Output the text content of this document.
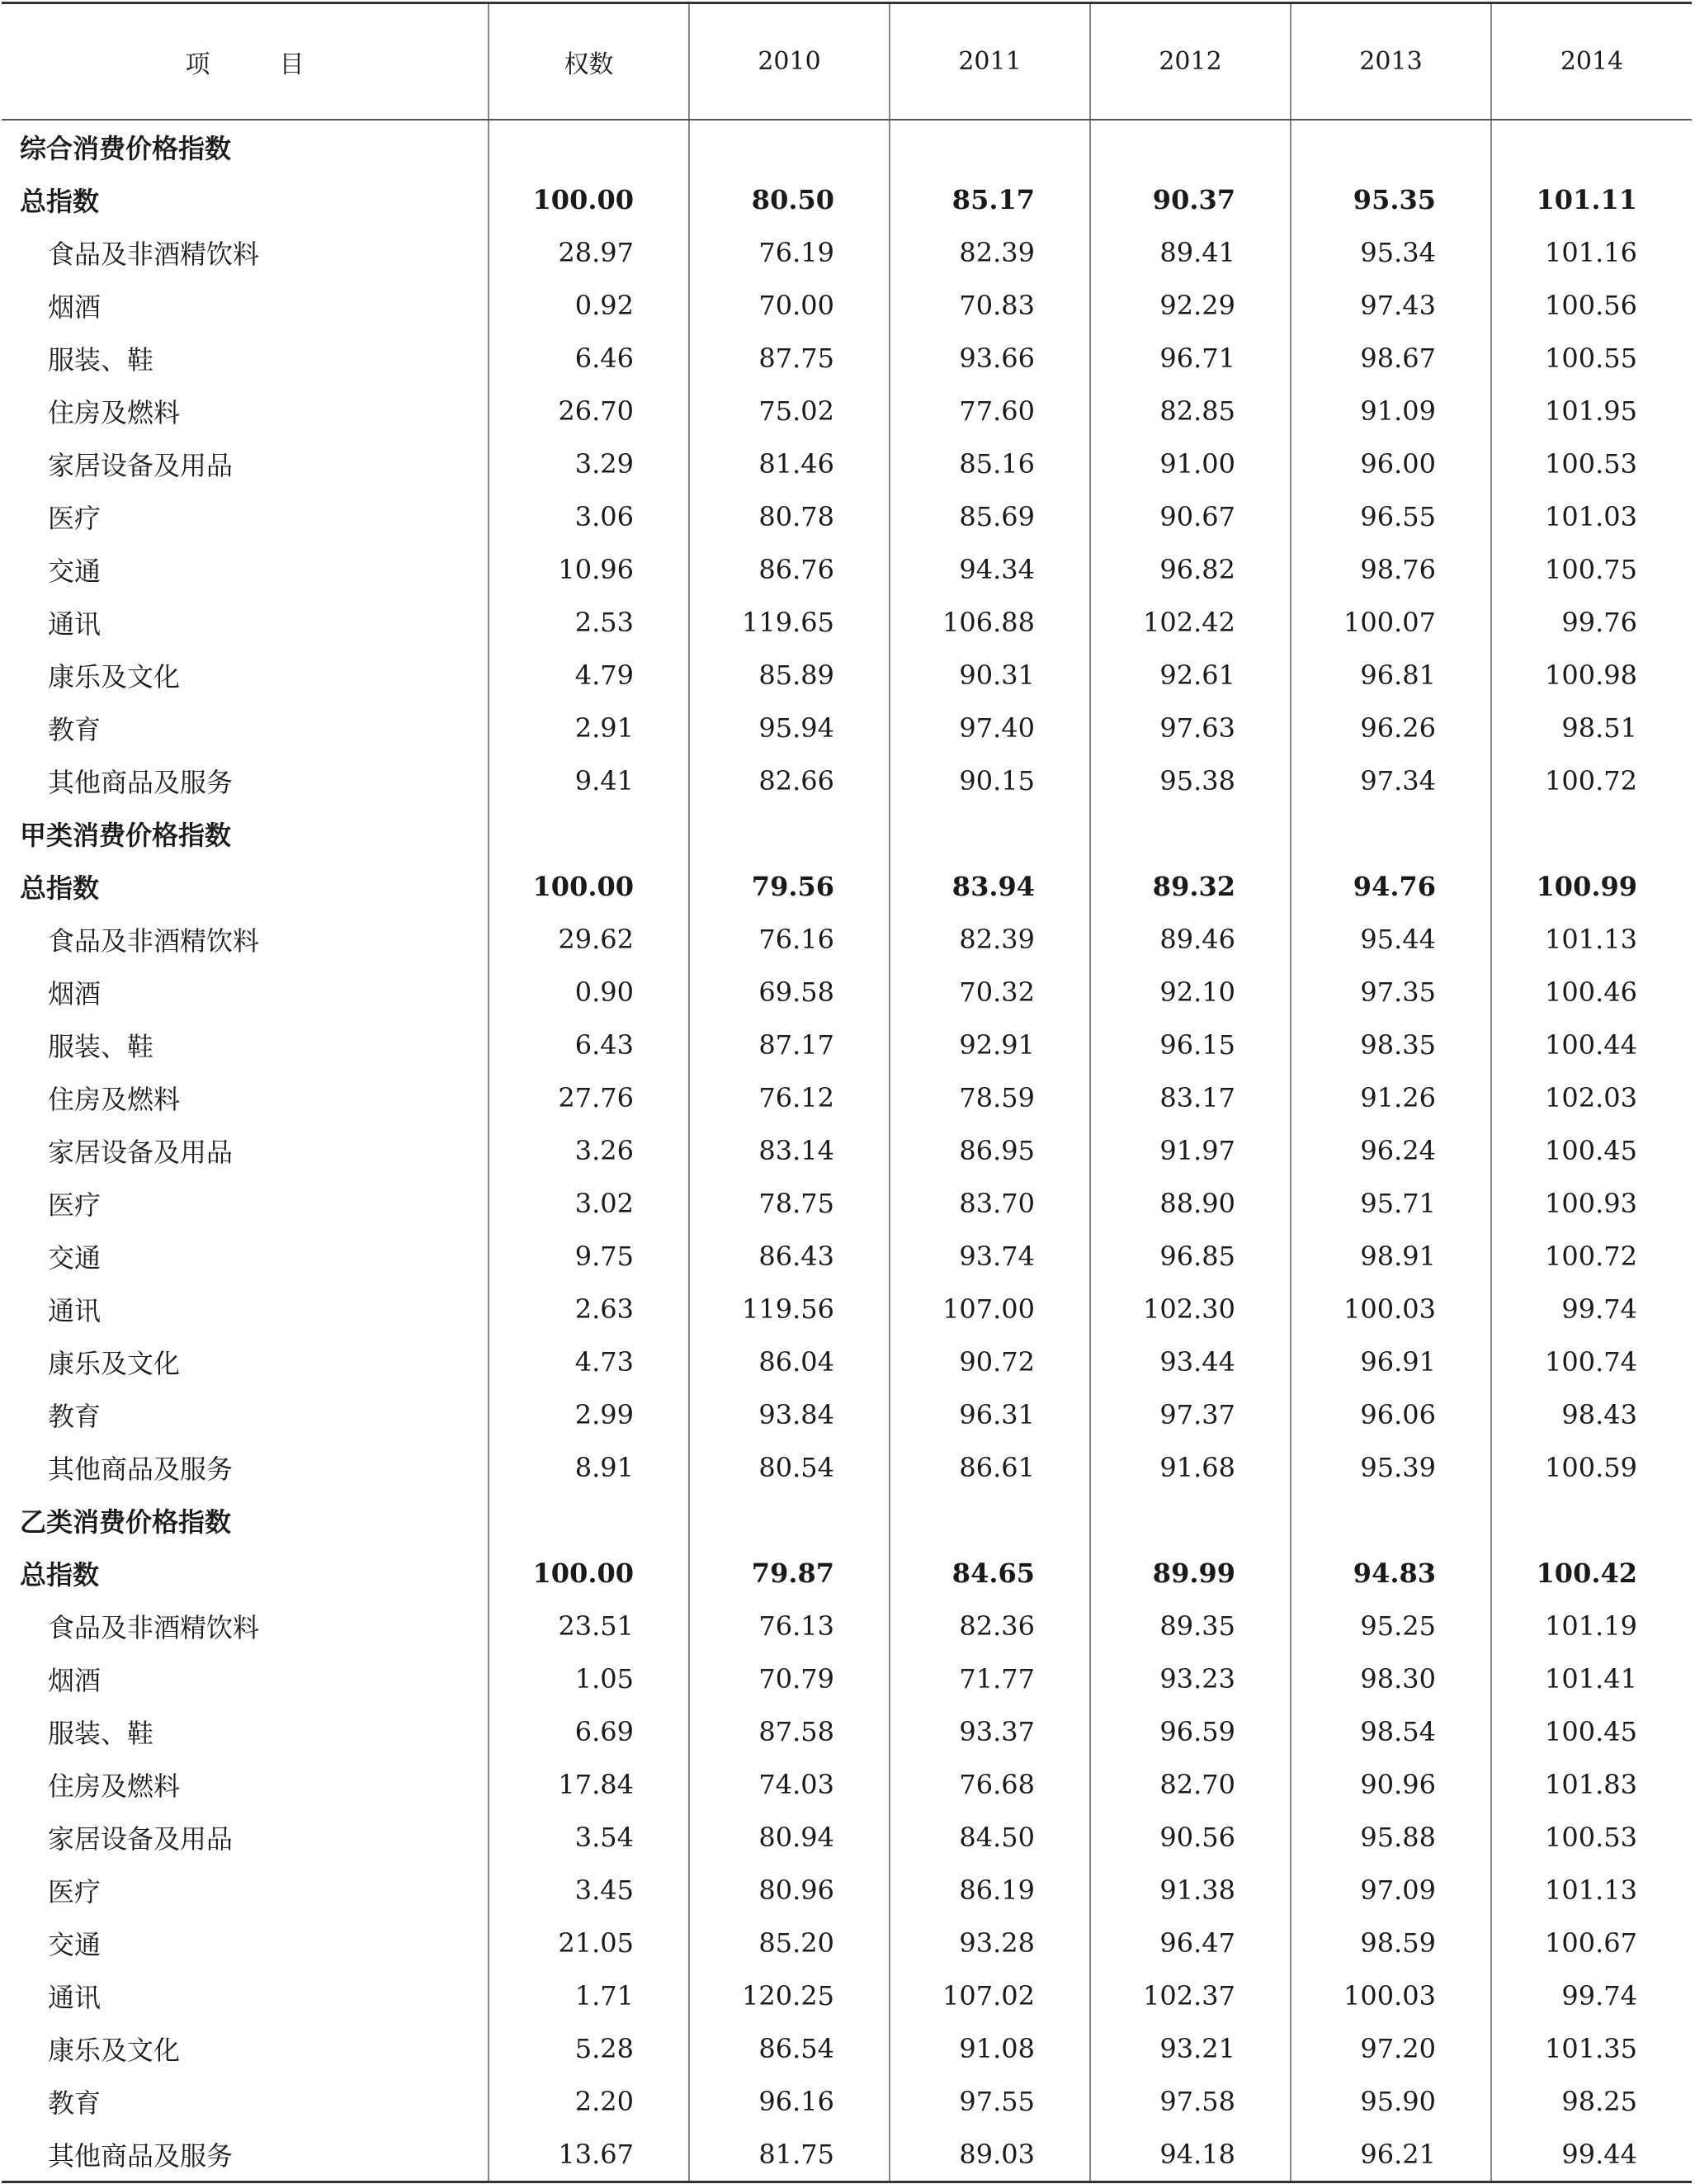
项 目	权数	2010	2011	2012	2013	2014
综合消费价格指数						
总指数	100.00	80.50	85.17	90.37	95.35	101.11
食品及非酒精饮料	28.97	76.19	82.39	89.41	95.34	101.16
烟酒	0.92	70.00	70.83	92.29	97.43	100.56
服装、鞋	6.46	87.75	93.66	96.71	98.67	100.55
住房及燃料	26.70	75.02	77.60	82.85	91.09	101.95
家居设备及用品	3.29	81.46	85.16	91.00	96.00	100.53
医疗	3.06	80.78	85.69	90.67	96.55	101.03
交通	10.96	86.76	94.34	96.82	98.76	100.75
通讯	2.53	119.65	106.88	102.42	100.07	99.76
康乐及文化	4.79	85.89	90.31	92.61	96.81	100.98
教育	2.91	95.94	97.40	97.63	96.26	98.51
其他商品及服务	9.41	82.66	90.15	95.38	97.34	100.72
甲类消费价格指数						
总指数	100.00	79.56	83.94	89.32	94.76	100.99
食品及非酒精饮料	29.62	76.16	82.39	89.46	95.44	101.13
烟酒	0.90	69.58	70.32	92.10	97.35	100.46
服装、鞋	6.43	87.17	92.91	96.15	98.35	100.44
住房及燃料	27.76	76.12	78.59	83.17	91.26	102.03
家居设备及用品	3.26	83.14	86.95	91.97	96.24	100.45
医疗	3.02	78.75	83.70	88.90	95.71	100.93
交通	9.75	86.43	93.74	96.85	98.91	100.72
通讯	2.63	119.56	107.00	102.30	100.03	99.74
康乐及文化	4.73	86.04	90.72	93.44	96.91	100.74
教育	2.99	93.84	96.31	97.37	96.06	98.43
其他商品及服务	8.91	80.54	86.61	91.68	95.39	100.59
乙类消费价格指数						
总指数	100.00	79.87	84.65	89.99	94.83	100.42
食品及非酒精饮料	23.51	76.13	82.36	89.35	95.25	101.19
烟酒	1.05	70.79	71.77	93.23	98.30	101.41
服装、鞋	6.69	87.58	93.37	96.59	98.54	100.45
住房及燃料	17.84	74.03	76.68	82.70	90.96	101.83
家居设备及用品	3.54	80.94	84.50	90.56	95.88	100.53
医疗	3.45	80.96	86.19	91.38	97.09	101.13
交通	21.05	85.20	93.28	96.47	98.59	100.67
通讯	1.71	120.25	107.02	102.37	100.03	99.74
康乐及文化	5.28	86.54	91.08	93.21	97.20	101.35
教育	2.20	96.16	97.55	97.58	95.90	98.25
其他商品及服务	13.67	81.75	89.03	94.18	96.21	99.44
